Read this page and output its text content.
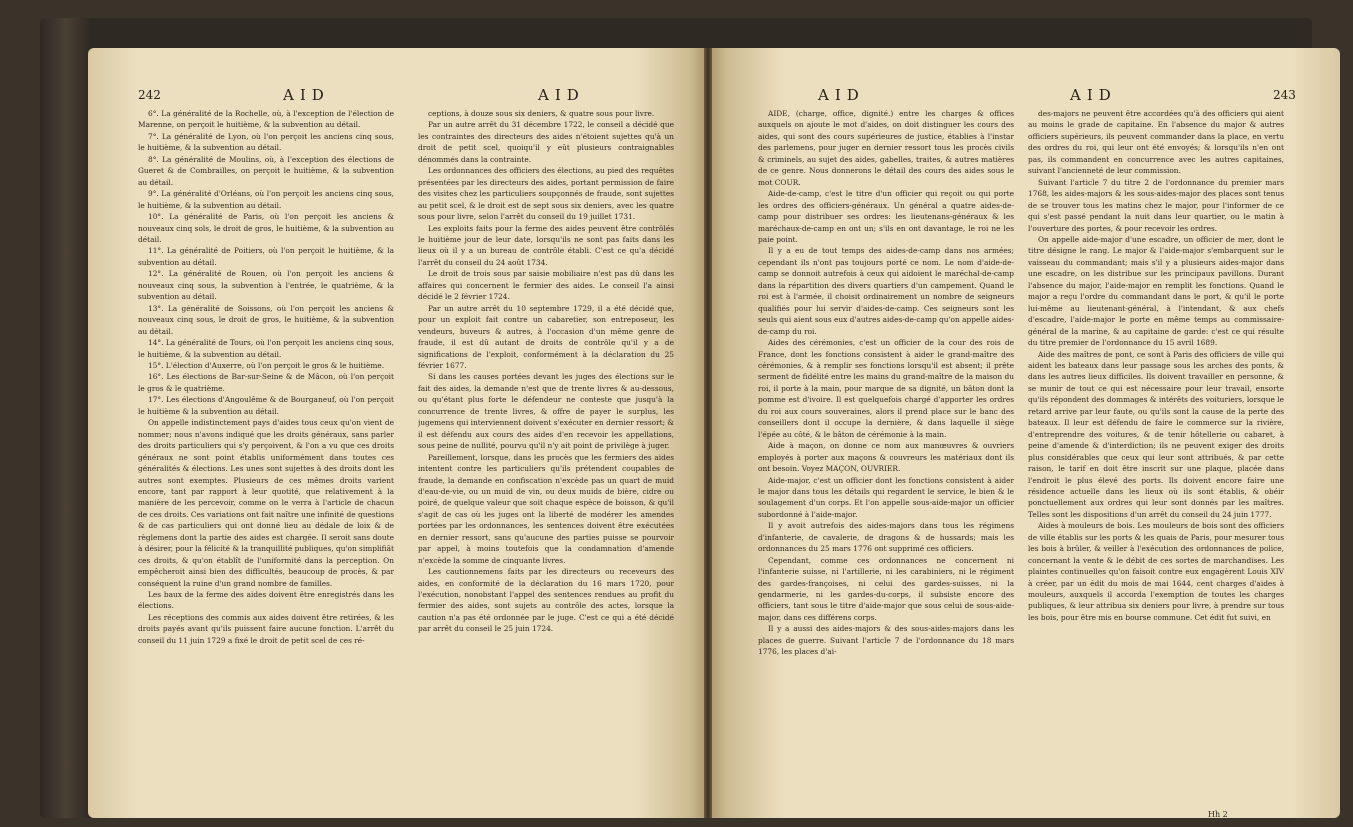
242	AID	AID

6°. La généralité de la Rochelle, où, à l'exception de l'élection de Marenne, on perçoit le huitième, & la subvention au détail.

7°. La généralité de Lyon, où l'on perçoit les anciens cinq sous, le huitième, & la subvention au détail.

8°. La généralité de Moulins, où, à l'exception des élections de Gueret & de Combrailles, on perçoit le huitième, & la subvention au détail.

9°. La généralité d'Orléans, où l'on perçoit les anciens cinq sous, le huitième, & la subvention au détail.

10°. La généralité de Paris, où l'on perçoit les anciens & nouveaux cinq sols, le droit de gros, le huitième, & la subvention au détail.

11°. La généralité de Poitiers, où l'on perçoit le huitième, & la subvention au détail.

12°. La généralité de Rouen, où l'on perçoit les anciens & nouveaux cinq sous, la subvention à l'entrée, le quatrième, & la subvention au détail.

13°. La généralité de Soissons, où l'on perçoit les anciens & nouveaux cinq sous, le droit de gros, le huitième, & la subvention au détail.

14°. La généralité de Tours, où l'on perçoit les anciens cinq sous, le huitième, & la subvention au détail.

15°. L'élection d'Auxerre, où l'on perçoit le gros & le huitième.

16°. Les élections de Bar-sur-Seine & de Mâcon, où l'on perçoit le gros & le quatrième.

17°. Les élections d'Angoulême & de Bourganeuf, où l'on perçoit le huitième & la subvention au détail.

On appelle indistinctement pays d'aides tous ceux qu'on vient de nommer; nous n'avons indiqué que les droits généraux, sans parler des droits particuliers qui s'y perçoivent, & l'on a vu que ces droits généraux ne sont point établis uniformément dans toutes ces généralités & élections. Les unes sont sujettes à des droits dont les autres sont exemptes. Plusieurs de ces mêmes droits varient encore, tant par rapport à leur quotité, que relativement à la manière de les percevoir, comme on le verra à l'article de chacun de ces droits. Ces variations ont fait naître une infinité de questions & de cas particuliers qui ont donné lieu au dédale de loix & de règlemens dont la partie des aides est chargée. Il seroit sans doute à désirer, pour la félicité & la tranquillité publiques, qu'on simplifiât ces droits, & qu'on établît de l'uniformité dans la perception. On empêcheroit ainsi bien des difficultés, beaucoup de procès, & par conséquent la ruine d'un grand nombre de familles.

Les baux de la ferme des aides doivent être enregistrés dans les élections.

Les réceptions des commis aux aides doivent être retirées, & les droits payés avant qu'ils puissent faire aucune fonction. L'arrêt du conseil du 11 juin 1729 a fixé le droit de petit scel de ces ré-

ceptions, à douze sous six deniers, & quatre sous pour livre.

Par un autre arrêt du 31 décembre 1722, le conseil a décidé que les contraintes des directeurs des aides n'étoient sujettes qu'à un droit de petit scel, quoiqu'il y eût plusieurs contraignables dénommés dans la contrainte.

Les ordonnances des officiers des élections, au pied des requêtes présentées par les directeurs des aides, portant permission de faire des visites chez les particuliers soupçonnés de fraude, sont sujettes au petit scel, & le droit est de sept sous six deniers, avec les quatre sous pour livre, selon l'arrêt du conseil du 19 juillet 1731.

Les exploits faits pour la ferme des aides peuvent être contrôlés le huitième jour de leur date, lorsqu'ils ne sont pas faits dans les lieux où il y a un bureau de contrôle établi. C'est ce qu'a décidé l'arrêt du conseil du 24 août 1734.

Le droit de trois sous par saisie mobiliaire n'est pas dû dans les affaires qui concernent le fermier des aides. Le conseil l'a ainsi décidé le 2 février 1724.

Par un autre arrêt du 10 septembre 1729, il a été décidé que, pour un exploit fait contre un cabaretier, son entreposeur, les vendeurs, buveurs & autres, à l'occasion d'un même genre de fraude, il est dû autant de droits de contrôle qu'il y a de significations de l'exploit, conformément à la déclaration du 25 février 1677.

Si dans les causes portées devant les juges des élections sur le fait des aides, la demande n'est que de trente livres & au-dessous, ou qu'étant plus forte le défendeur ne conteste que jusqu'à la concurrence de trente livres, & offre de payer le surplus, les jugemens qui interviennent doivent s'exécuter en dernier ressort; & il est défendu aux cours des aides d'en recevoir les appellations, sous peine de nullité, pourvu qu'il n'y ait point de privilège à juger.

Pareillement, lorsque, dans les procès que les fermiers des aides intentent contre les particuliers qu'ils prétendent coupables de fraude, la demande en confiscation n'excède pas un quart de muid d'eau-de-vie, ou un muid de vin, ou deux muids de bière, cidre ou poiré, de quelque valeur que soit chaque espèce de boisson, & qu'il s'agit de cas où les juges ont la liberté de modérer les amendes portées par les ordonnances, les sentences doivent être exécutées en dernier ressort, sans qu'aucune des parties puisse se pourvoir par appel, à moins toutefois que la condamnation d'amende n'excède la somme de cinquante livres.

Les cautionnemens faits par les directeurs ou receveurs des aides, en conformité de la déclaration du 16 mars 1720, pour l'exécution, nonobstant l'appel des sentences rendues au profit du fermier des aides, sont sujets au contrôle des actes, lorsque la caution n'a pas été ordonnée par le juge. C'est ce qui a été décidé par arrêt du conseil le 25 juin 1724.

AID	AID	243

AIDE, (charge, office, dignité.) entre les charges & offices auxquels on ajoute le mot d'aides, on doit distinguer les cours des aides, qui sont des cours supérieures de justice, établies à l'instar des parlemens, pour juger en dernier ressort tous les procès civils & criminels, au sujet des aides, gabelles, traites, & autres matières de ce genre. Nous donnerons le détail des cours des aides sous le mot COUR.

Aide-de-camp, c'est le titre d'un officier qui reçoit ou qui porte les ordres des officiers-généraux. Un général a quatre aides-de-camp pour distribuer ses ordres: les lieutenans-généraux & les maréchaux-de-camp en ont un; s'ils en ont davantage, le roi ne les paie point.

Il y a eu de tout temps des aides-de-camp dans nos armées; cependant ils n'ont pas toujours porté ce nom. Le nom d'aide-de-camp se donnoit autrefois à ceux qui aidoient le maréchal-de-camp dans la répartition des divers quartiers d'un campement. Quand le roi est à l'armée, il choisit ordinairement un nombre de seigneurs qualifiés pour lui servir d'aides-de-camp. Ces seigneurs sont les seuls qui aient sous eux d'autres aides-de-camp qu'on appelle aides-de-camp du roi.

Aides des cérémonies, c'est un officier de la cour des rois de France, dont les fonctions consistent à aider le grand-maître des cérémonies, & à remplir ses fonctions lorsqu'il est absent; il prête serment de fidélité entre les mains du grand-maître de la maison du roi, il porte à la main, pour marque de sa dignité, un bâton dont la pomme est d'ivoire. Il est quelquefois chargé d'apporter les ordres du roi aux cours souveraines, alors il prend place sur le banc des conseillers dont il occupe la dernière, & dans laquelle il siège l'épée au côté, & le bâton de cérémonie à la main.

Aide à maçon, on donne ce nom aux manœuvres & ouvriers employés à porter aux maçons & couvreurs les matériaux dont ils ont besoin. Voyez MAÇON, OUVRIER.

Aide-major, c'est un officier dont les fonctions consistent à aider le major dans tous les détails qui regardent le service, le bien & le soulagement d'un corps. Et l'on appelle sous-aide-major un officier subordonné à l'aide-major.

Il y avoit autrefois des aides-majors dans tous les régimens d'infanterie, de cavalerie, de dragons & de hussards; mais les ordonnances du 25 mars 1776 ont supprimé ces officiers.

Cependant, comme ces ordonnances ne concernent ni l'infanterie suisse, ni l'artillerie, ni les carabiniers, ni le régiment des gardes-françoises, ni celui des gardes-suisses, ni la gendarmerie, ni les gardes-du-corps, il subsiste encore des officiers, tant sous le titre d'aide-major que sous celui de sous-aide-major, dans ces différens corps.

Il y a aussi des aides-majors & des sous-aides-majors dans les places de guerre. Suivant l'article 7 de l'ordonnance du 18 mars 1776, les places d'ai-

des-majors ne peuvent être accordées qu'à des officiers qui aient au moins le grade de capitaine. En l'absence du major & autres officiers supérieurs, ils peuvent commander dans la place, en vertu des ordres du roi, qui leur ont été envoyés; & lorsqu'ils n'en ont pas, ils commandent en concurrence avec les autres capitaines, suivant l'ancienneté de leur commission.

Suivant l'article 7 du titre 2 de l'ordonnance du premier mars 1768, les aides-majors & les sous-aides-major des places sont tenus de se trouver tous les matins chez le major, pour l'informer de ce qui s'est passé pendant la nuit dans leur quartier, ou le matin à l'ouverture des portes, & pour recevoir les ordres.

On appelle aide-major d'une escadre, un officier de mer, dont le titre désigne le rang. Le major & l'aide-major s'embarquent sur le vaisseau du commandant; mais s'il y a plusieurs aides-major dans une escadre, on les distribue sur les principaux pavillons. Durant l'absence du major, l'aide-major en remplit les fonctions. Quand le major a reçu l'ordre du commandant dans le port, & qu'il le porte lui-même au lieutenant-général, à l'intendant, & aux chefs d'escadre, l'aide-major le porte en même temps au commissaire-général de la marine, & au capitaine de garde: c'est ce qui résulte du titre premier de l'ordonnance du 15 avril 1689.

Aide des maîtres de pont, ce sont à Paris des officiers de ville qui aident les bateaux dans leur passage sous les arches des ponts, & dans les autres lieux difficiles. Ils doivent travailler en personne, & se munir de tout ce qui est nécessaire pour leur travail, ensorte qu'ils répondent des dommages & intérêts des voituriers, lorsque le retard arrive par leur faute, ou qu'ils sont la cause de la perte des bateaux. Il leur est défendu de faire le commerce sur la rivière, d'entreprendre des voitures, & de tenir hôtellerie ou cabaret, à peine d'amende & d'interdiction; ils ne peuvent exiger des droits plus considérables que ceux qui leur sont attribués, & par cette raison, le tarif en doit être inscrit sur une plaque, placée dans l'endroit le plus élevé des ports. Ils doivent encore faire une résidence actuelle dans les lieux où ils sont établis, & obéir ponctuellement aux ordres qui leur sont donnés par les maîtres. Telles sont les dispositions d'un arrêt du conseil du 24 juin 1777.

Aides à mouleurs de bois. Les mouleurs de bois sont des officiers de ville établis sur les ports & les quais de Paris, pour mesurer tous les bois à brûler, & veiller à l'exécution des ordonnances de police, concernant la vente & le débit de ces sortes de marchandises. Les plaintes continuelles qu'on faisoit contre eux engagèrent Louis XIV à créer, par un édit du mois de mai 1644, cent charges d'aides à mouleurs, auxquels il accorda l'exemption de toutes les charges publiques, & leur attribua six deniers pour livre, à prendre sur tous les bois, pour être mis en bourse commune. Cet édit fut suivi, en

Hh 2
